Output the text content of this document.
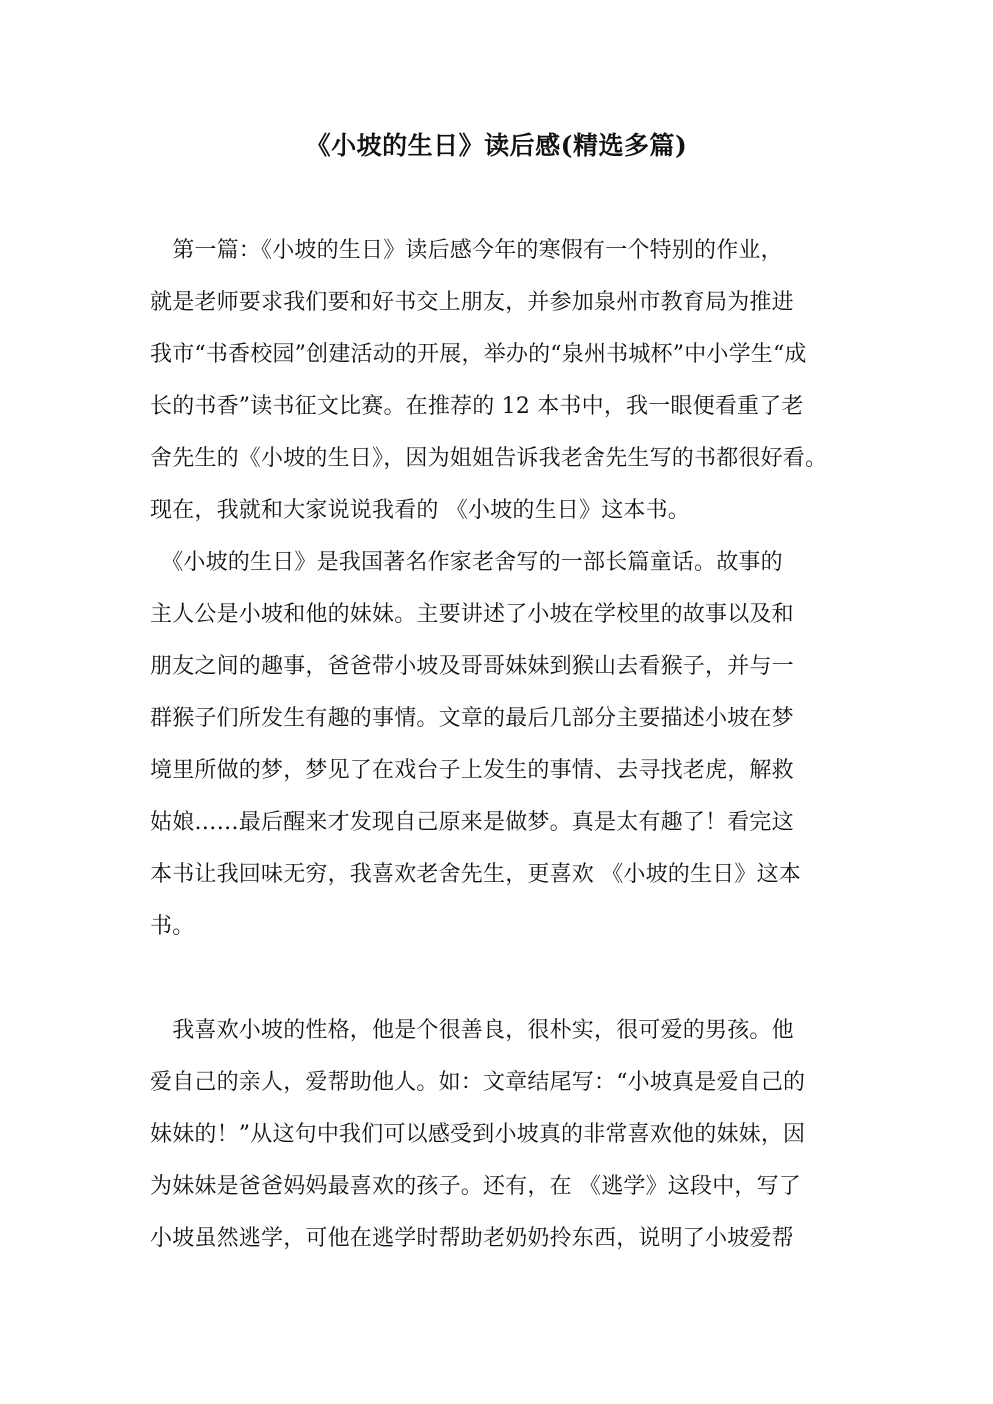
《小坡的生日》读后感(精选多篇)
　第一篇：《小坡的生日》读后感今年的寒假有一个特别的作业，
就是老师要求我们要和好书交上朋友，并参加泉州市教育局为推进
我市“书香校园”创建活动的开展，举办的“泉州书城杯”中小学生“成
长的书香”读书征文比赛。在推荐的 12 本书中，我一眼便看重了老
舍先生的《小坡的生日》，因为姐姐告诉我老舍先生写的书都很好看。
现在，我就和大家说说我看的 《小坡的生日》这本书。
　《小坡的生日》是我国著名作家老舍写的一部长篇童话。故事的
主人公是小坡和他的妹妹。主要讲述了小坡在学校里的故事以及和
朋友之间的趣事，爸爸带小坡及哥哥妹妹到猴山去看猴子，并与一
群猴子们所发生有趣的事情。文章的最后几部分主要描述小坡在梦
境里所做的梦，梦见了在戏台子上发生的事情、去寻找老虎，解救
姑娘……最后醒来才发现自己原来是做梦。真是太有趣了！看完这
本书让我回味无穷，我喜欢老舍先生，更喜欢 《小坡的生日》这本
书。
　我喜欢小坡的性格，他是个很善良，很朴实，很可爱的男孩。他
爱自己的亲人，爱帮助他人。如：文章结尾写：“小坡真是爱自己的
妹妹的！”从这句中我们可以感受到小坡真的非常喜欢他的妹妹，因
为妹妹是爸爸妈妈最喜欢的孩子。还有，在 《逃学》这段中，写了
小坡虽然逃学，可他在逃学时帮助老奶奶拎东西，说明了小坡爱帮
